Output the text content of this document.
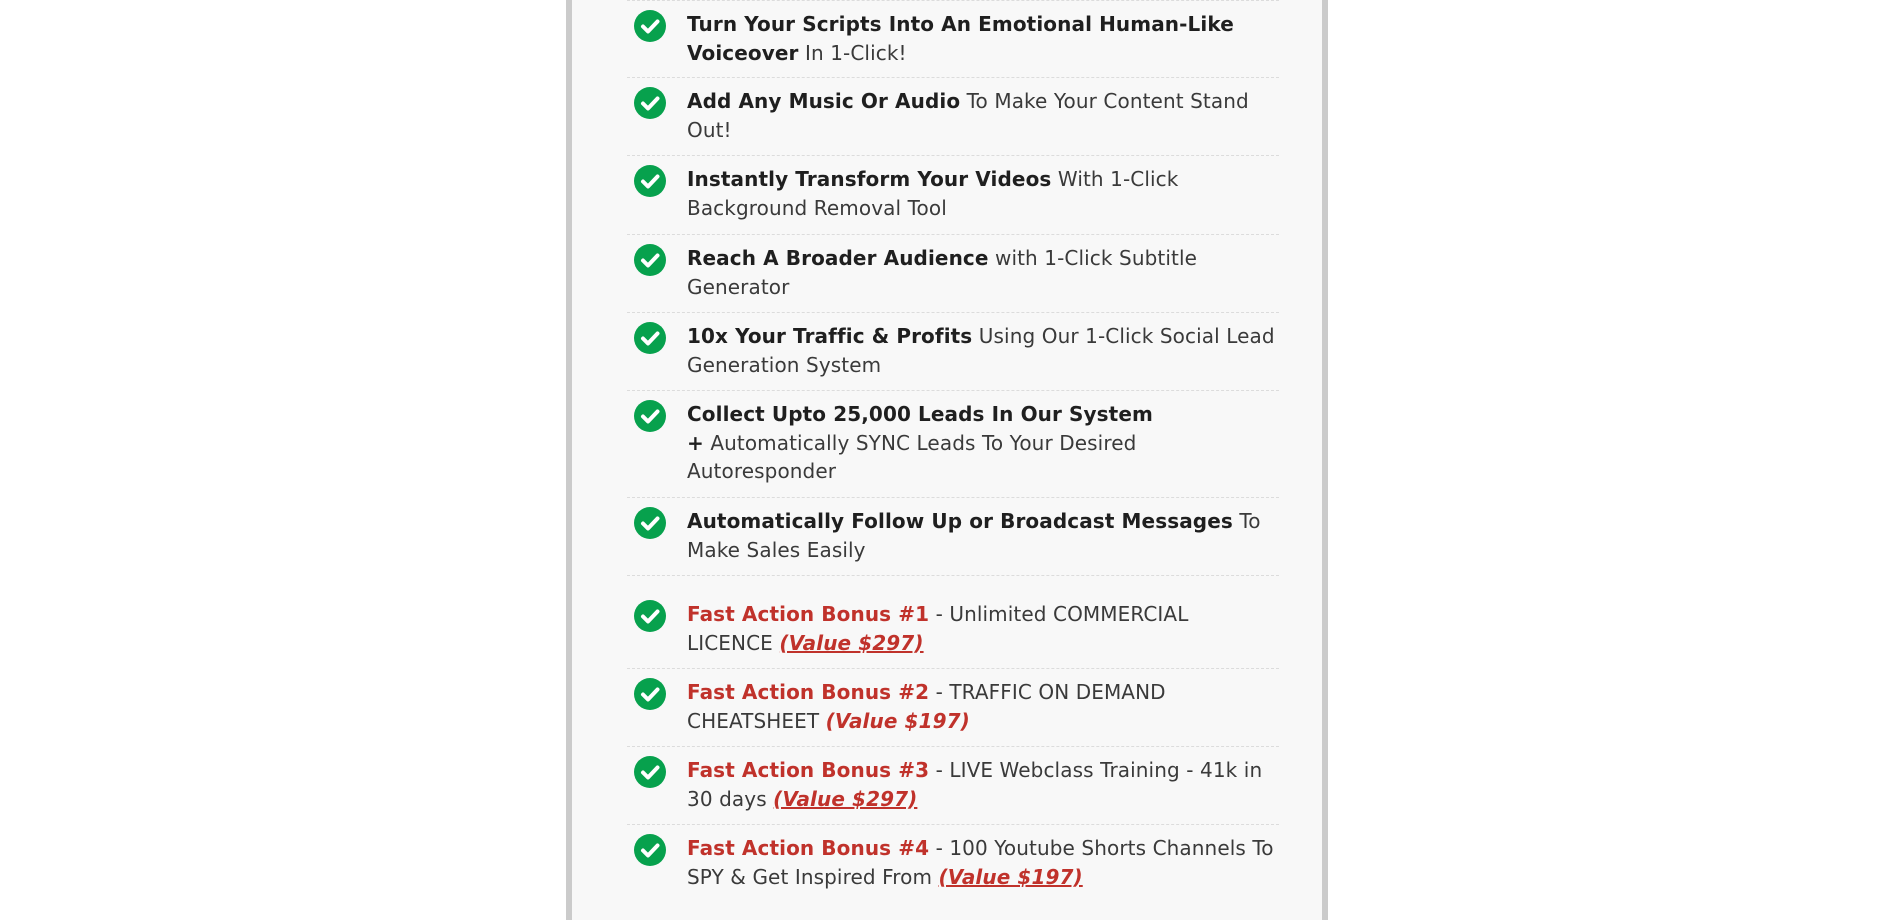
Turn Your Scripts Into An Emotional Human-Like Voiceover In 1-Click!
Add Any Music Or Audio To Make Your Content Stand Out!
Instantly Transform Your Videos With 1-Click Background Removal Tool
Reach A Broader Audience with 1-Click Subtitle Generator
10x Your Traffic & Profits Using Our 1-Click Social Lead Generation System
Collect Upto 25,000 Leads In Our System + Automatically SYNC Leads To Your Desired Autoresponder
Automatically Follow Up or Broadcast Messages To Make Sales Easily
Fast Action Bonus #1 - Unlimited COMMERCIAL LICENCE (Value $297)
Fast Action Bonus #2 - TRAFFIC ON DEMAND CHEATSHEET (Value $197)
Fast Action Bonus #3 - LIVE Webclass Training - 41k in 30 days (Value $297)
Fast Action Bonus #4 - 100 Youtube Shorts Channels To SPY & Get Inspired From (Value $197)
